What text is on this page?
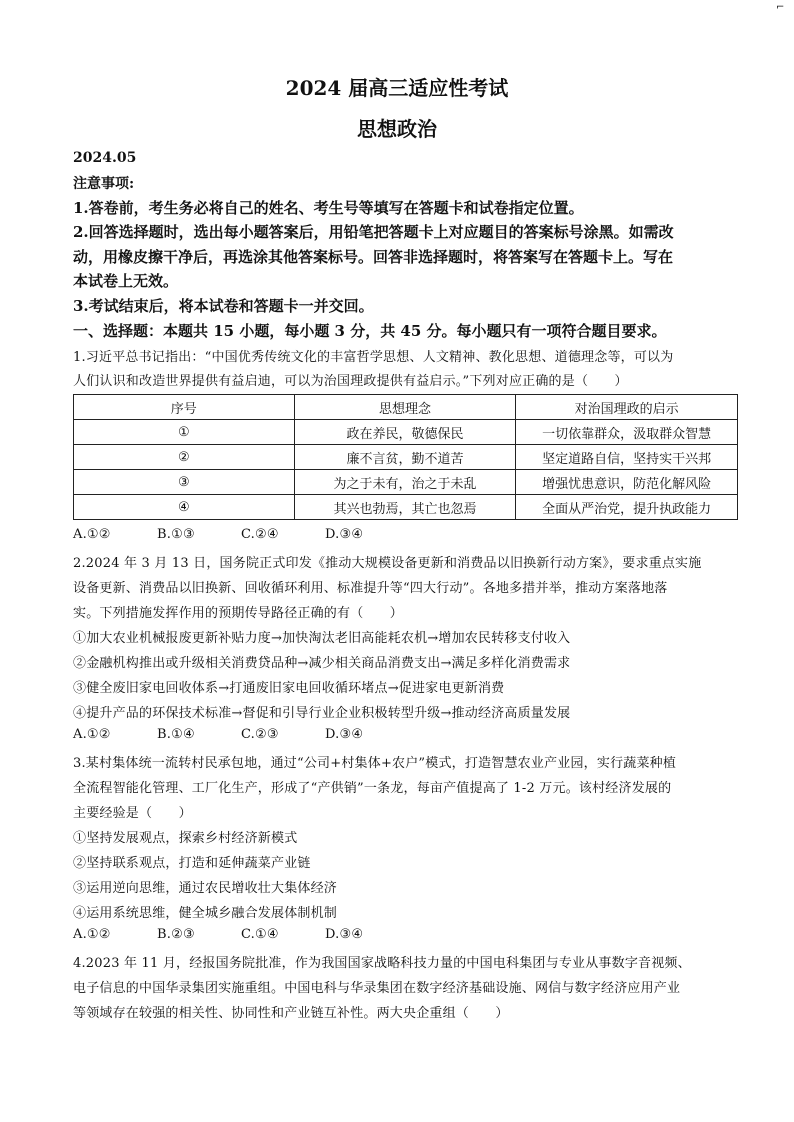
⌐
2024 届高三适应性考试
思想政治
2024.05
注意事项:
1.答卷前，考生务必将自己的姓名、考生号等填写在答题卡和试卷指定位置。
2.回答选择题时，选出每小题答案后，用铅笔把答题卡上对应题目的答案标号涂黑。如需改
动，用橡皮擦干净后，再选涂其他答案标号。回答非选择题时，将答案写在答题卡上。写在
本试卷上无效。
3.考试结束后，将本试卷和答题卡一并交回。
一、选择题：本题共 15 小题，每小题 3 分，共 45 分。每小题只有一项符合题目要求。
1.习近平总书记指出：“中国优秀传统文化的丰富哲学思想、人文精神、教化思想、道德理念等，可以为
人们认识和改造世界提供有益启迪，可以为治国理政提供有益启示。”下列对应正确的是（　　）
序号	思想理念	对治国理政的启示
①	政在养民，敬德保民	一切依靠群众，汲取群众智慧
②	廉不言贫，勤不道苦	坚定道路自信，坚持实干兴邦
③	为之于未有，治之于未乱	增强忧患意识，防范化解风险
④	其兴也勃焉，其亡也忽焉	全面从严治党，提升执政能力
A.①②	B.①③	C.②④	D.③④
2.2024 年 3 月 13 日，国务院正式印发《推动大规模设备更新和消费品以旧换新行动方案》，要求重点实施
设备更新、消费品以旧换新、回收循环利用、标准提升等“四大行动”。各地多措并举，推动方案落地落
实。下列措施发挥作用的预期传导路径正确的有（　　）
①加大农业机械报废更新补贴力度→加快淘汰老旧高能耗农机→增加农民转移支付收入
②金融机构推出或升级相关消费贷品种→减少相关商品消费支出→满足多样化消费需求
③健全废旧家电回收体系→打通废旧家电回收循环堵点→促进家电更新消费
④提升产品的环保技术标准→督促和引导行业企业积极转型升级→推动经济高质量发展
A.①②	B.①④	C.②③	D.③④
3.某村集体统一流转村民承包地，通过“公司+村集体+农户”模式，打造智慧农业产业园，实行蔬菜种植
全流程智能化管理、工厂化生产，形成了“产供销”一条龙，每亩产值提高了 1-2 万元。该村经济发展的
主要经验是（　　）
①坚持发展观点，探索乡村经济新模式
②坚持联系观点，打造和延伸蔬菜产业链
③运用逆向思维，通过农民增收壮大集体经济
④运用系统思维，健全城乡融合发展体制机制
A.①②	B.②③	C.①④	D.③④
4.2023 年 11 月，经报国务院批准，作为我国国家战略科技力量的中国电科集团与专业从事数字音视频、
电子信息的中国华录集团实施重组。中国电科与华录集团在数字经济基础设施、网信与数字经济应用产业
等领域存在较强的相关性、协同性和产业链互补性。两大央企重组（　　）
